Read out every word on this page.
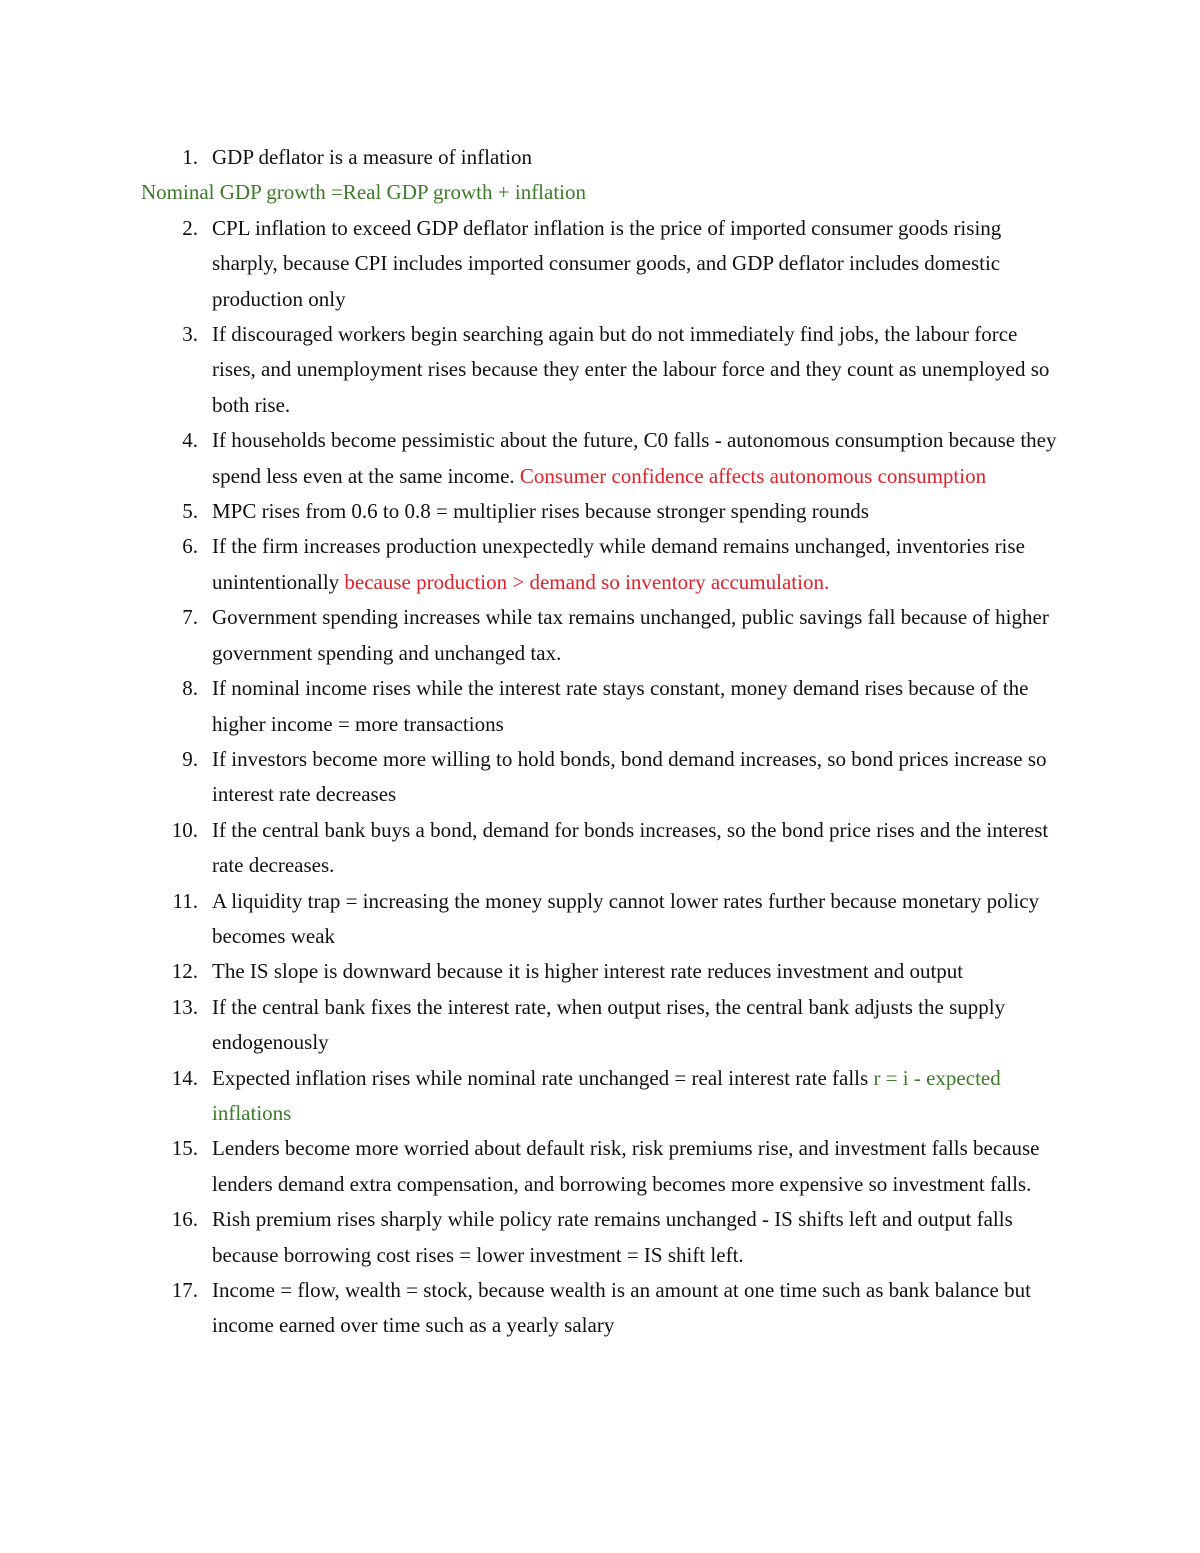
1. GDP deflator is a measure of inflation

Nominal GDP growth =Real GDP growth + inflation

2. CPL inflation to exceed GDP deflator inflation is the price of imported consumer goods rising sharply, because CPI includes imported consumer goods, and GDP deflator includes domestic production only

3. If discouraged workers begin searching again but do not immediately find jobs, the labour force rises, and unemployment rises because they enter the labour force and they count as unemployed so both rise.

4. If households become pessimistic about the future, C0 falls - autonomous consumption because they spend less even at the same income. Consumer confidence affects autonomous consumption

5. MPC rises from 0.6 to 0.8 = multiplier rises because stronger spending rounds

6. If the firm increases production unexpectedly while demand remains unchanged, inventories rise unintentionally because production > demand so inventory accumulation.

7. Government spending increases while tax remains unchanged, public savings fall because of higher government spending and unchanged tax.

8. If nominal income rises while the interest rate stays constant, money demand rises because of the higher income = more transactions

9. If investors become more willing to hold bonds, bond demand increases, so bond prices increase so interest rate decreases

10. If the central bank buys a bond, demand for bonds increases, so the bond price rises and the interest rate decreases.

11. A liquidity trap = increasing the money supply cannot lower rates further because monetary policy becomes weak

12. The IS slope is downward because it is higher interest rate reduces investment and output

13. If the central bank fixes the interest rate, when output rises, the central bank adjusts the supply endogenously

14. Expected inflation rises while nominal rate unchanged = real interest rate falls r = i - expected inflations

15. Lenders become more worried about default risk, risk premiums rise, and investment falls because lenders demand extra compensation, and borrowing becomes more expensive so investment falls.

16. Rish premium rises sharply while policy rate remains unchanged - IS shifts left and output falls because borrowing cost rises = lower investment = IS shift left.

17. Income = flow, wealth = stock, because wealth is an amount at one time such as bank balance but income earned over time such as a yearly salary
